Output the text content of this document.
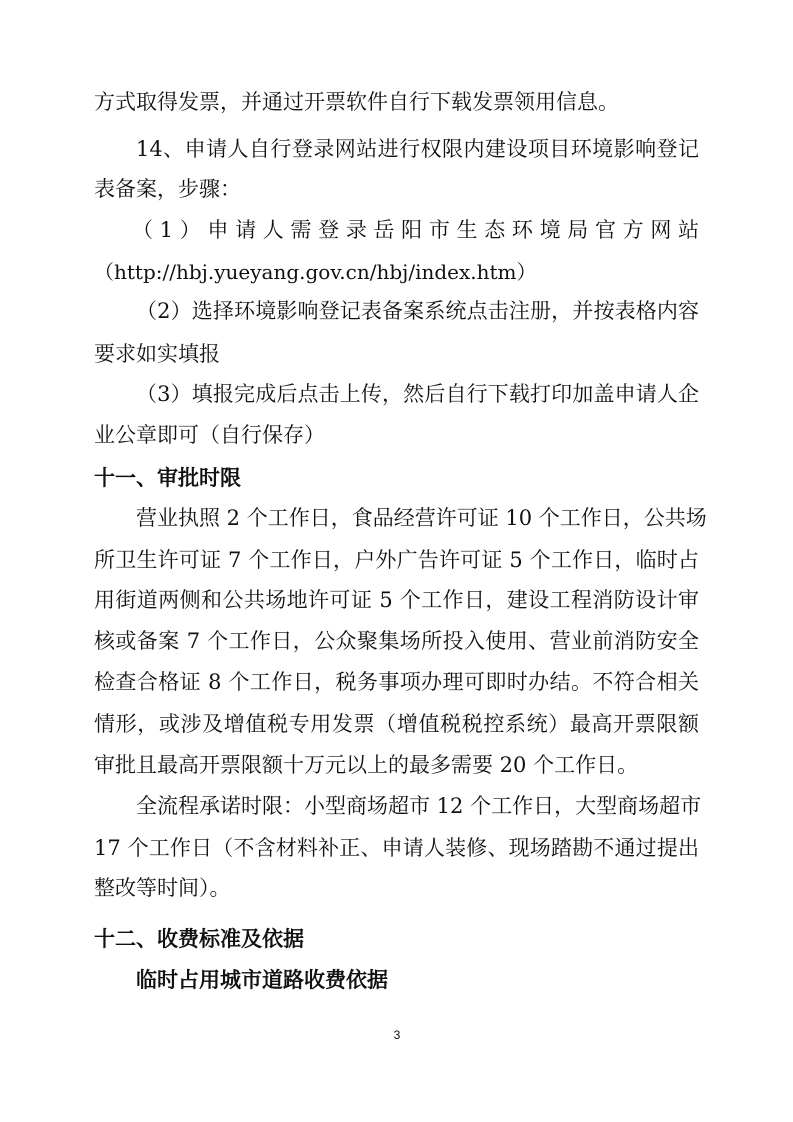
方式取得发票，并通过开票软件自行下载发票领用信息。

14、申请人自行登录网站进行权限内建设项目环境影响登记

表备案，步骤：

（1）申请人需登录岳阳市生态环境局官方网站

（http://hbj.yueyang.gov.cn/hbj/index.htm）

（2）选择环境影响登记表备案系统点击注册，并按表格内容

要求如实填报

（3）填报完成后点击上传，然后自行下载打印加盖申请人企

业公章即可（自行保存）

十一、审批时限

营业执照 2 个工作日，食品经营许可证 10 个工作日，公共场

所卫生许可证 7 个工作日，户外广告许可证 5 个工作日，临时占

用街道两侧和公共场地许可证 5 个工作日，建设工程消防设计审

核或备案 7 个工作日，公众聚集场所投入使用、营业前消防安全

检查合格证 8 个工作日，税务事项办理可即时办结。不符合相关

情形，或涉及增值税专用发票（增值税税控系统）最高开票限额

审批且最高开票限额十万元以上的最多需要 20 个工作日。

全流程承诺时限：小型商场超市 12 个工作日，大型商场超市

17 个工作日（不含材料补正、申请人装修、现场踏勘不通过提出

整改等时间）。

十二、收费标准及依据

临时占用城市道路收费依据

3
